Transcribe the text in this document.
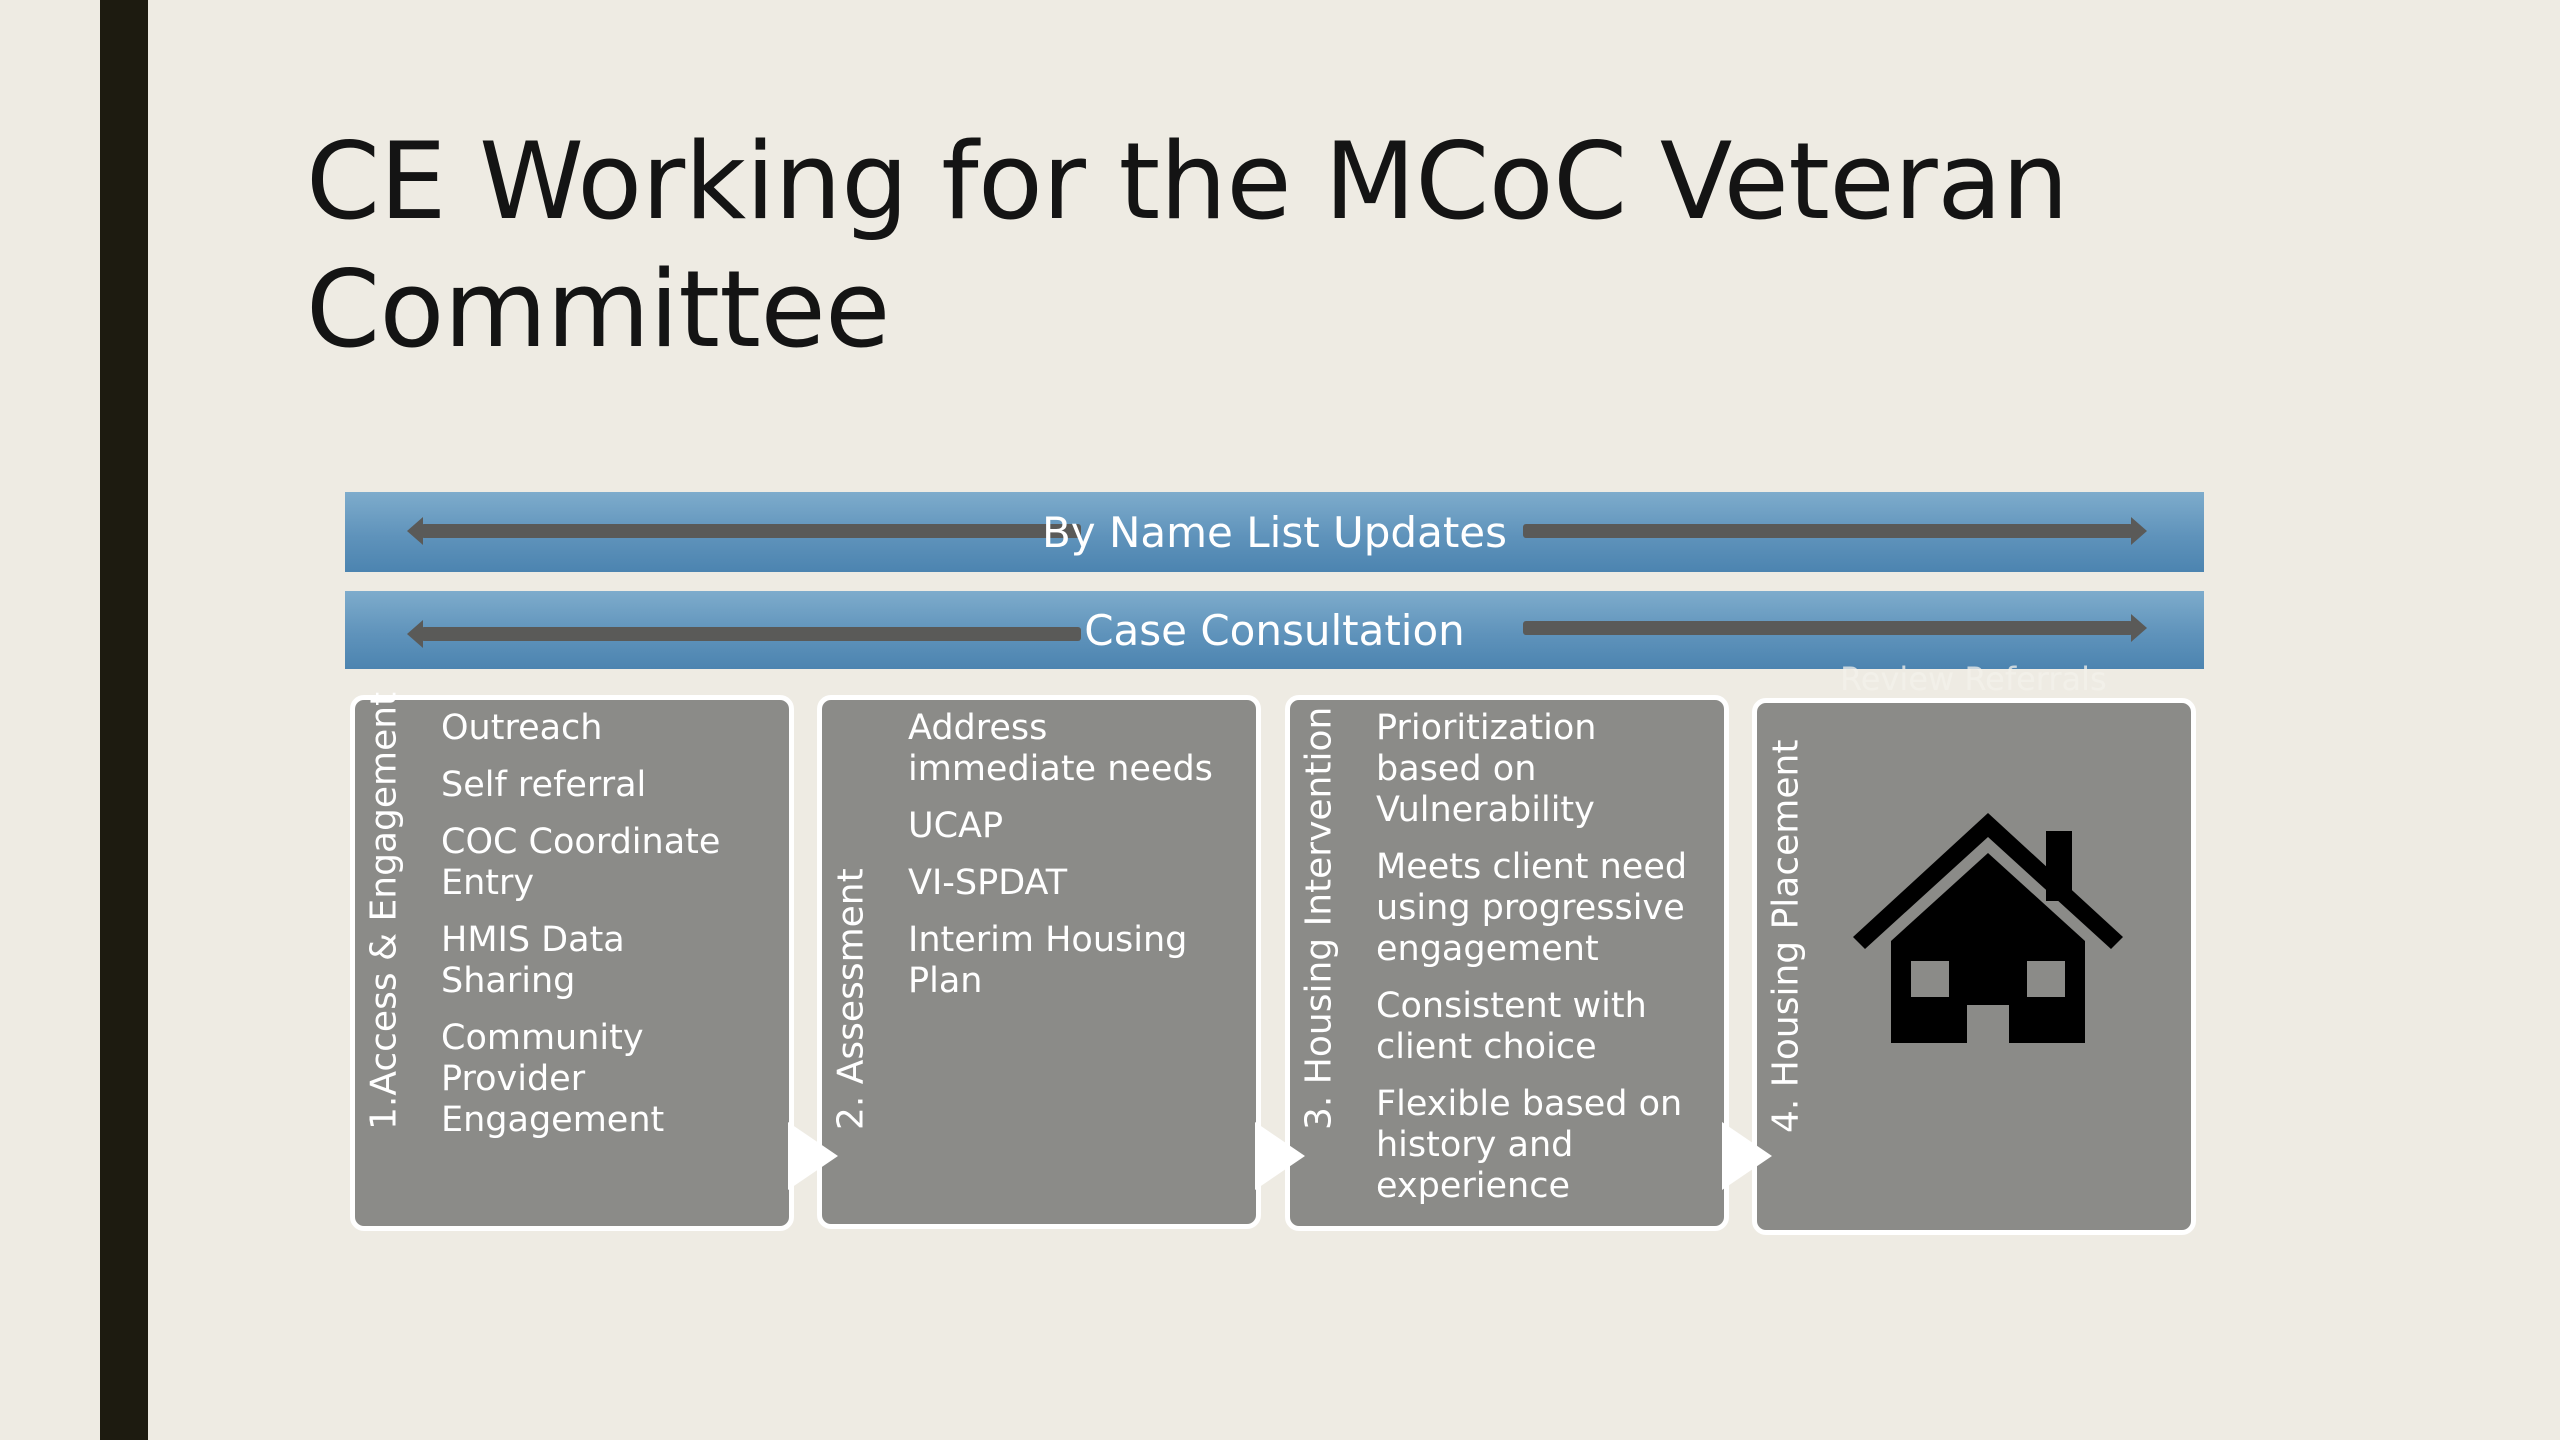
CE Working for the MCoC Veteran Committee
By Name List Updates
Case Consultation
Review Referrals
1.Access & Engagement Outreach
Self referral
COC Coordinate Entry
HMIS Data Sharing
Community Provider Engagement	2. Assessment
Address immediate needs
UCAP
VI-SPDAT
Interim Housing Plan	3. Housing Intervention Prioritization based on Vulnerability
Meets client need using progressive engagement
Consistent with client choice
Flexible based on history and experience
4. Housing Placement
